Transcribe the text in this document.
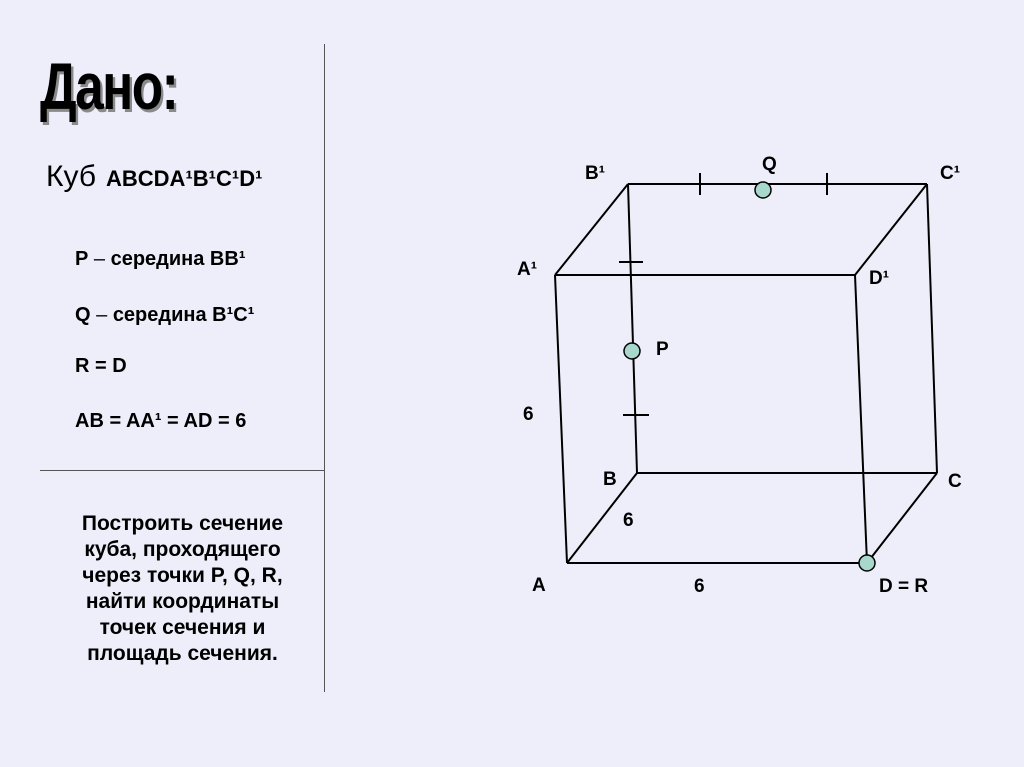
Дано:
Куб ABCDA¹B¹C¹D¹
P – середина BB¹
Q – середина B¹C¹
R = D
AB = AA¹ = AD = 6
Построить сечение
куба, проходящего
через точки P, Q, R,
найти координаты
точек сечения и
площадь сечения.
A
B	C
D = R
A¹
B¹	C¹
D¹
P
Q
6
6
6
